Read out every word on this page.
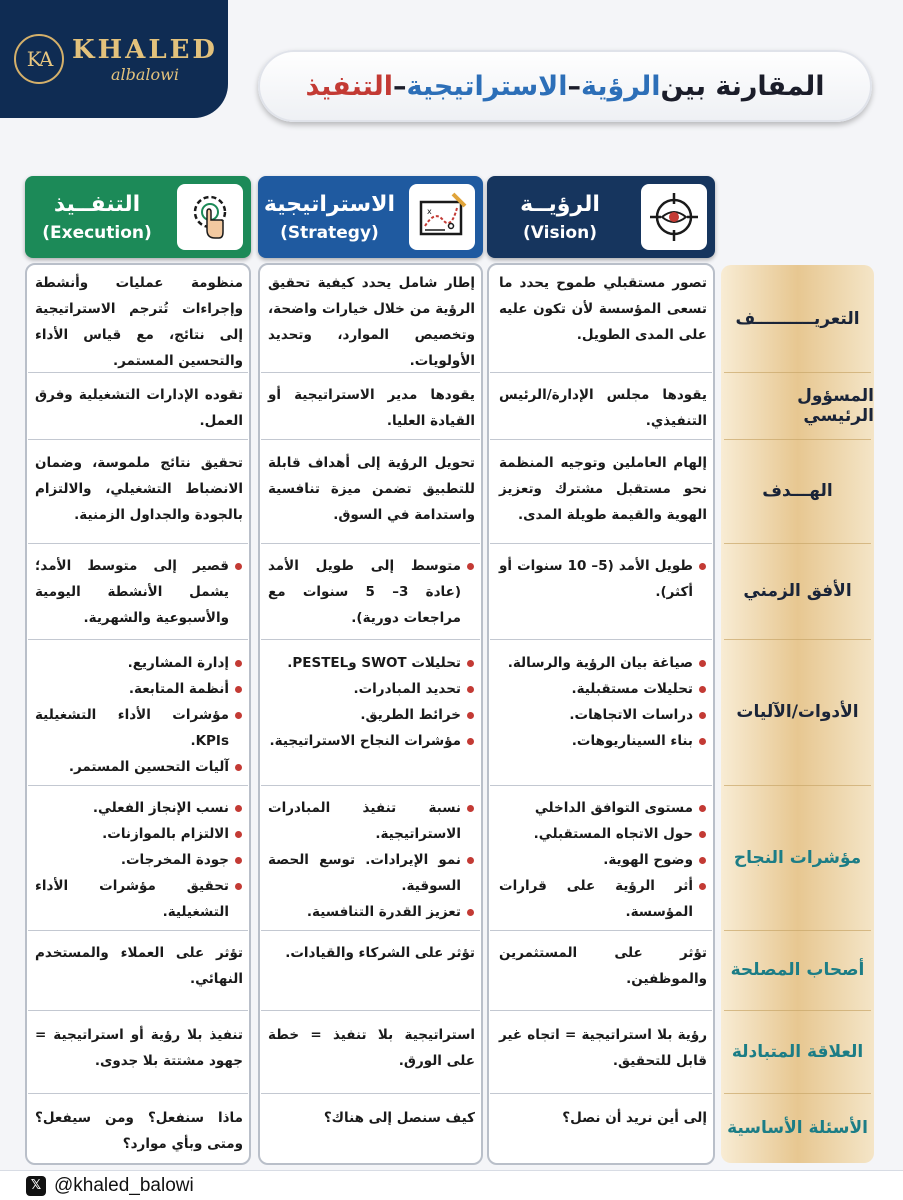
KA KHALED
albalowi	المقارنة بين
الرؤية
–
الاستراتيجية
–
التنفيذ
الرؤيــة
(Vision)
الاستراتيجية
(Strategy)
x
التنفــيذ
(Execution)
التعريــــــــــف
المسؤول الرئيسي
الهـــدف
الأفق الزمني
الأدوات/الآليات
مؤشرات النجاح
أصحاب المصلحة
العلاقة المتبادلة
الأسئلة الأساسية
تصور مستقبلي طموح يحدد ما تسعى المؤسسة لأن تكون عليه على المدى الطويل.
إطار شامل يحدد كيفية تحقيق الرؤية من خلال خيارات واضحة، وتخصيص الموارد، وتحديد الأولويات.
منظومة عمليات وأنشطة وإجراءات تُترجم الاستراتيجية إلى نتائج، مع قياس الأداء والتحسين المستمر.
يقودها مجلس الإدارة/الرئيس التنفيذي.
يقودها مدير الاستراتيجية أو القيادة العليا.
تقوده الإدارات التشغيلية وفرق العمل.
إلهام العاملين وتوجيه المنظمة نحو مستقبل مشترك وتعزيز الهوية والقيمة طويلة المدى.
تحويل الرؤية إلى أهداف قابلة للتطبيق تضمن ميزة تنافسية واستدامة في السوق.
تحقيق نتائج ملموسة، وضمان الانضباط التشغيلي، والالتزام بالجودة والجداول الزمنية.
طويل الأمد (5– 10 سنوات أو أكثر).
متوسط إلى طويل الأمد (عادة 3– 5 سنوات مع مراجعات دورية).
قصير إلى متوسط الأمد؛ يشمل الأنشطة اليومية والأسبوعية والشهرية.
صياغة بيان الرؤية والرسالة.
تحليلات مستقبلية.
دراسات الاتجاهات.
بناء السيناريوهات.
تحليلات SWOT وPESTEL.
تحديد المبادرات.
خرائط الطريق.
مؤشرات النجاح الاستراتيجية.
إدارة المشاريع.
أنظمة المتابعة.
مؤشرات الأداء التشغيلية KPIs.
آليات التحسين المستمر.
مستوى التوافق الداخلي
حول الاتجاه المستقبلي.
وضوح الهوية.
أثر الرؤية على قرارات المؤسسة.
نسبة تنفيذ المبادرات الاستراتيجية.
نمو الإيرادات. توسع الحصة السوقية.
تعزيز القدرة التنافسية.
نسب الإنجاز الفعلي.
الالتزام بالموازنات.
جودة المخرجات.
تحقيق مؤشرات الأداء التشغيلية.
تؤثر على المستثمرين والموظفين.
تؤثر على الشركاء والقيادات.
تؤثر على العملاء والمستخدم النهائي.
رؤية بلا استراتيجية = اتجاه غير قابل للتحقيق.
استراتيجية بلا تنفيذ = خطة على الورق.
تنفيذ بلا رؤية أو استراتيجية = جهود مشتتة بلا جدوى.
إلى أين نريد أن نصل؟
كيف سنصل إلى هناك؟
ماذا سنفعل؟ ومن سيفعل؟ ومتى وبأي موارد؟
𝕏 @khaled_balowi
